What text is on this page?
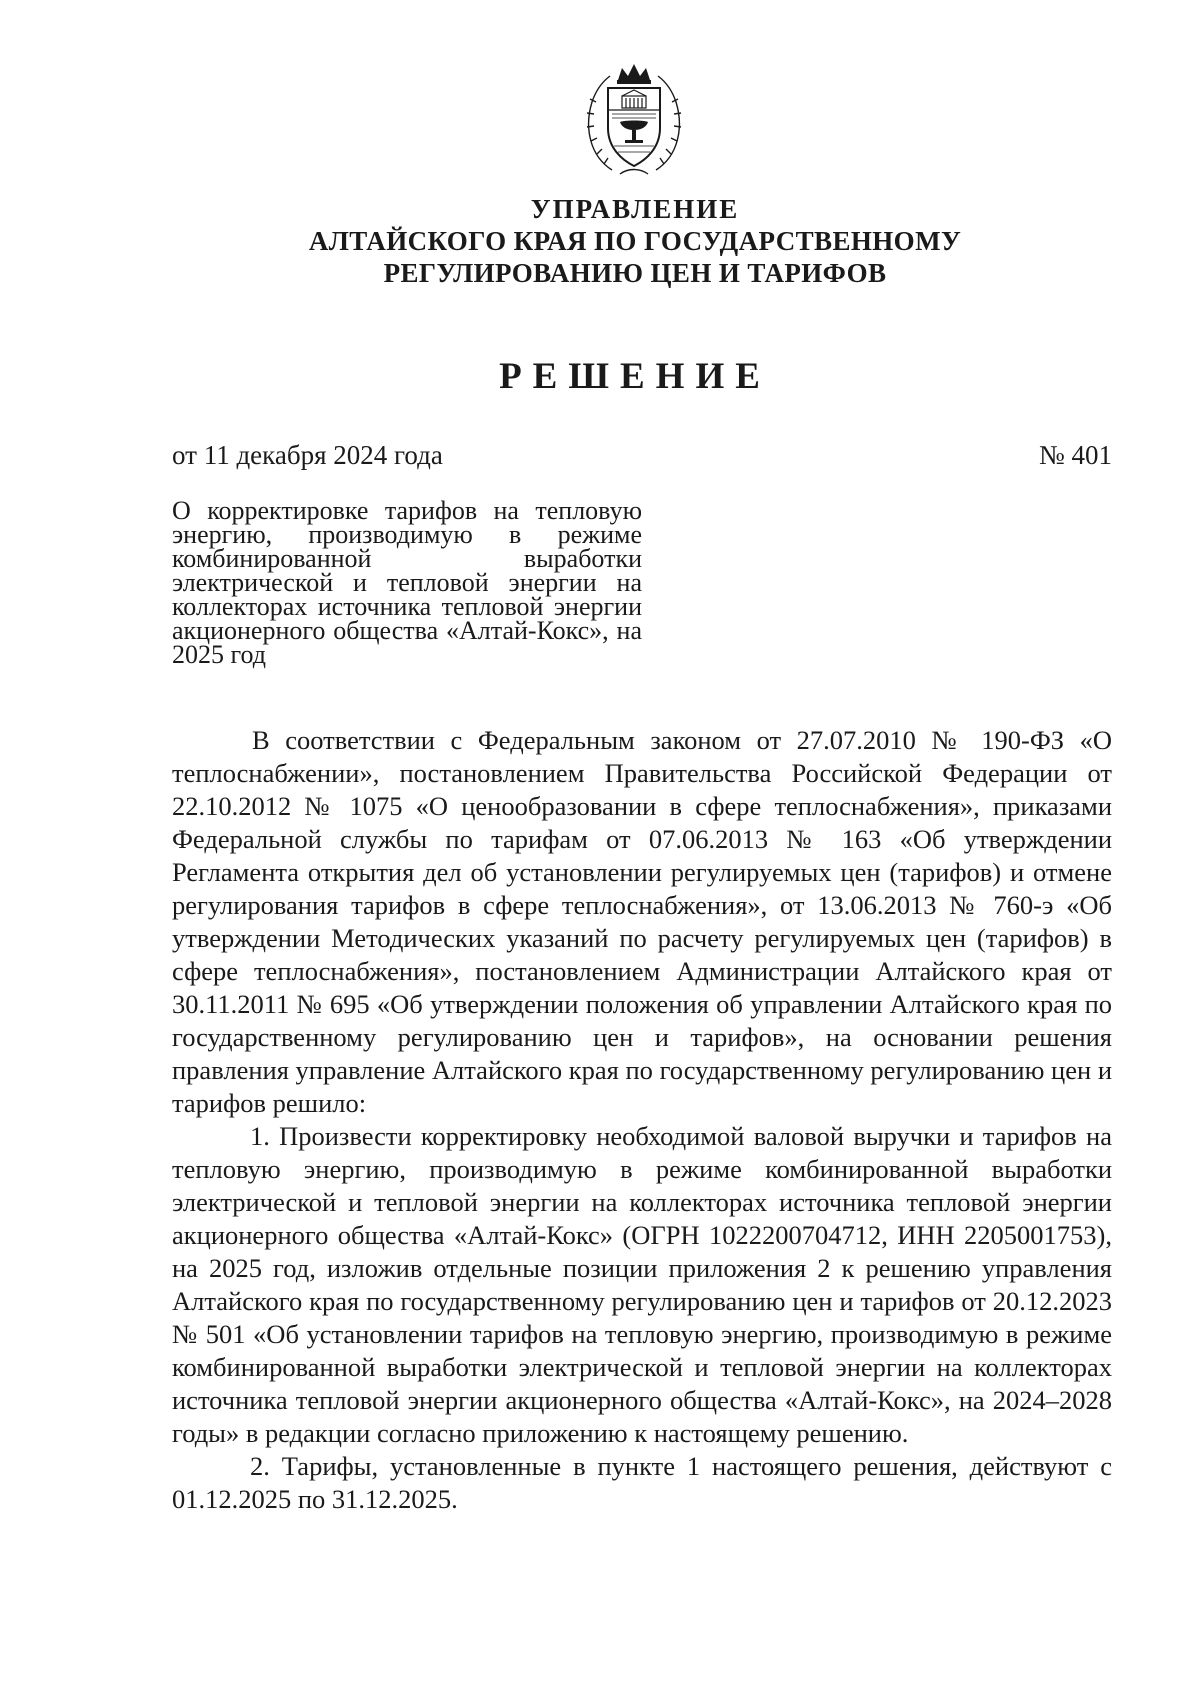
УПРАВЛЕНИЕ
АЛТАЙСКОГО КРАЯ ПО ГОСУДАРСТВЕННОМУ
РЕГУЛИРОВАНИЮ ЦЕН И ТАРИФОВ
РЕШЕНИЕ
от 11 декабря 2024 года	№ 401
О корректировке тарифов на тепловую энергию, производимую в режиме комбинированной выработки электрической и тепловой энергии на коллекторах источника тепловой энергии акционерного общества «Алтай-Кокс», на 2025 год

В соответствии с Федеральным законом от 27.07.2010 № 190-ФЗ «О теплоснабжении», постановлением Правительства Российской Федерации от 22.10.2012 № 1075 «О ценообразовании в сфере теплоснабжения», приказами Федеральной службы по тарифам от 07.06.2013 № 163 «Об утверждении Регламента открытия дел об установлении регулируемых цен (тарифов) и отмене регулирования тарифов в сфере теплоснабжения», от 13.06.2013 № 760-э «Об утверждении Методических указаний по расчету регулируемых цен (тарифов) в сфере теплоснабжения», постановлением Администрации Алтайского края от 30.11.2011 № 695 «Об утверждении положения об управлении Алтайского края по государственному регулированию цен и тарифов», на основании решения правления управление Алтайского края по государственному регулированию цен и тарифов решило:

1. Произвести корректировку необходимой валовой выручки и тарифов на тепловую энергию, производимую в режиме комбинированной выработки электрической и тепловой энергии на коллекторах источника тепловой энергии акционерного общества «Алтай-Кокс» (ОГРН 1022200704712, ИНН 2205001753), на 2025 год, изложив отдельные позиции приложения 2 к решению управления Алтайского края по государственному регулированию цен и тарифов от 20.12.2023 № 501 «Об установлении тарифов на тепловую энергию, производимую в режиме комбинированной выработки электрической и тепловой энергии на коллекторах источника тепловой энергии акционерного общества «Алтай-Кокс», на 2024–2028 годы» в редакции согласно приложению к настоящему решению.

2. Тарифы, установленные в пункте 1 настоящего решения, действуют с 01.12.2025 по 31.12.2025.
